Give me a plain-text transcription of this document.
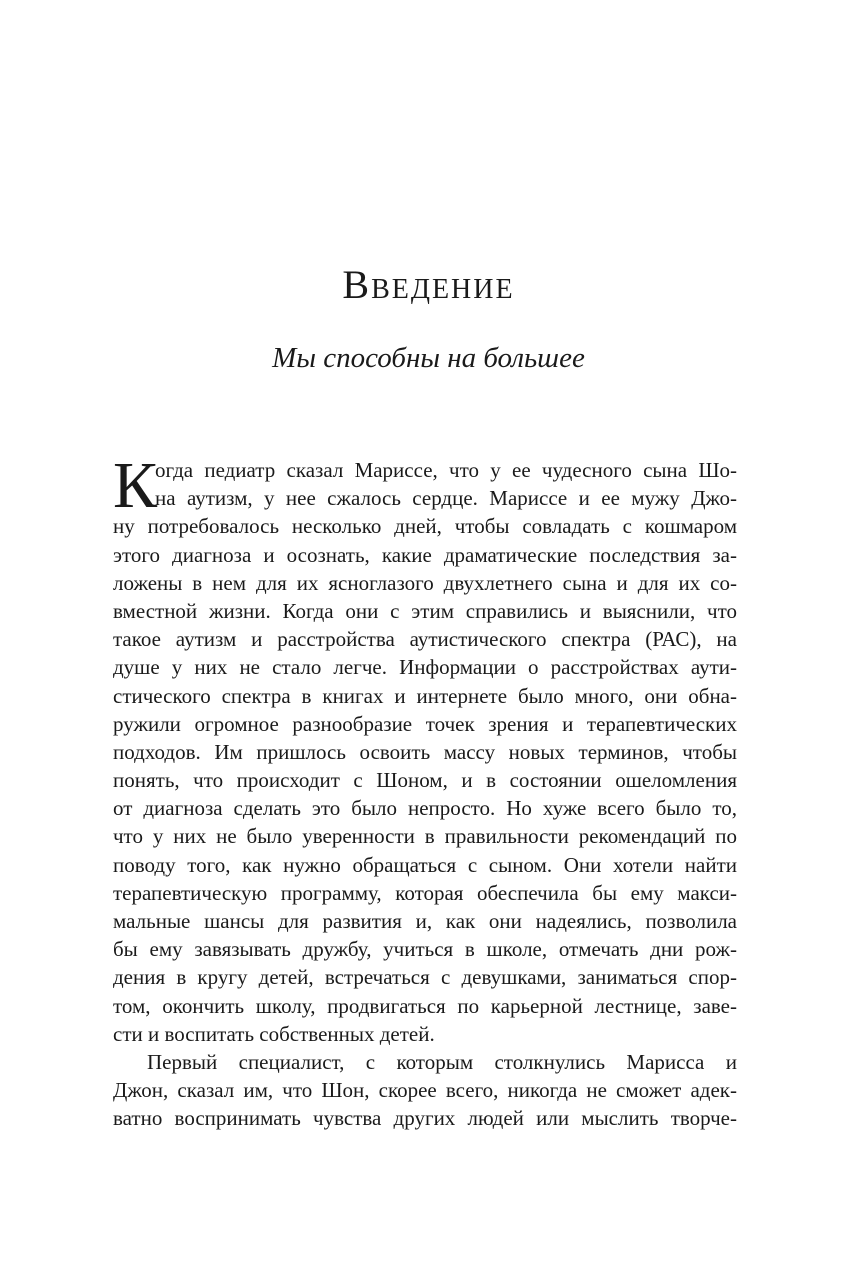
Введение
Мы способны на большее
К
огда педиатр сказал Мариссе, что у ее чудесного сына Шо-
на аутизм, у нее сжалось сердце. Мариссе и ее мужу Джо-
ну потребовалось несколько дней, чтобы совладать с кошмаром
этого диагноза и осознать, какие драматические последствия за-
ложены в нем для их ясноглазого двухлетнего сына и для их со-
вместной жизни. Когда они с этим справились и выяснили, что
такое аутизм и расстройства аутистического спектра (РАС), на
душе у них не стало легче. Информации о расстройствах аути-
стического спектра в книгах и интернете было много, они обна-
ружили огромное разнообразие точек зрения и терапевтических
подходов. Им пришлось освоить массу новых терминов, чтобы
понять, что происходит с Шоном, и в состоянии ошеломления
от диагноза сделать это было непросто. Но хуже всего было то,
что у них не было уверенности в правильности рекомендаций по
поводу того, как нужно обращаться с сыном. Они хотели найти
терапевтическую программу, которая обеспечила бы ему макси-
мальные шансы для развития и, как они надеялись, позволила
бы ему завязывать дружбу, учиться в школе, отмечать дни рож-
дения в кругу детей, встречаться с девушками, заниматься спор-
том, окончить школу, продвигаться по карьерной лестнице, заве-
сти и воспитать собственных детей.
Первый специалист, с которым столкнулись Марисса и
Джон, сказал им, что Шон, скорее всего, никогда не сможет адек-
ватно воспринимать чувства других людей или мыслить творче-
